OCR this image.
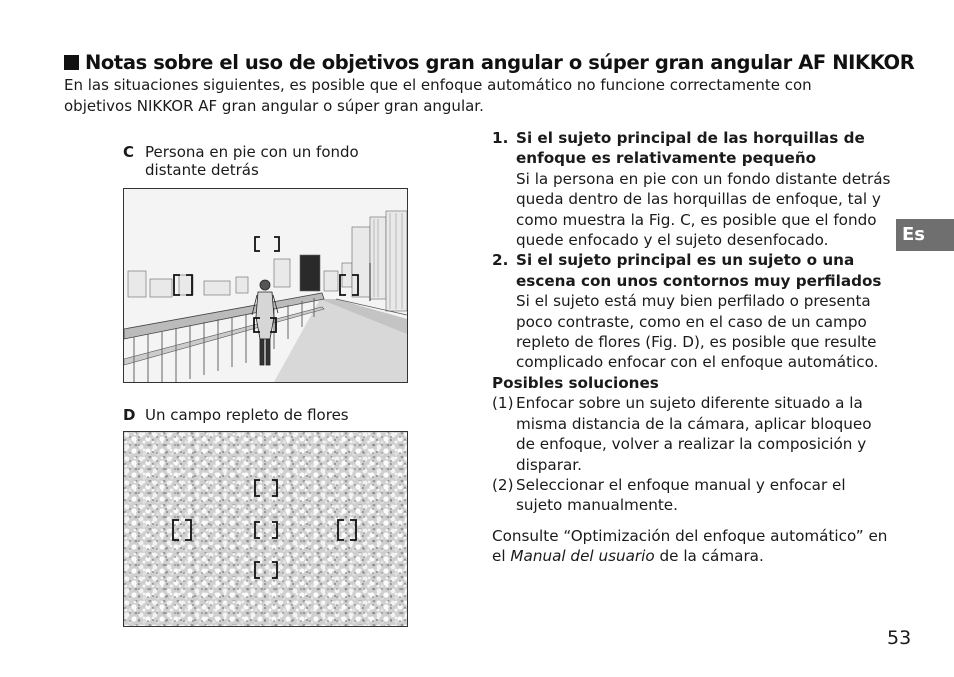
Notas sobre el uso de objetivos gran angular o súper gran angular AF NIKKOR
En las situaciones siguientes, es posible que el enfoque automático no funcione correctamente con objetivos NIKKOR AF gran angular o súper gran angular.
C Persona en pie con un fondo distante detrás
D Un campo repleto de flores
1. Si el sujeto principal de las horquillas de enfoque es relativamente pequeño
Si la persona en pie con un fondo distante detrás queda dentro de las horquillas de enfoque, tal y como muestra la Fig. C, es posible que el fondo quede enfocado y el sujeto desenfocado.
2. Si el sujeto principal es un sujeto o una escena con unos contornos muy perfilados
Si el sujeto está muy bien perfilado o presenta poco contraste, como en el caso de un campo repleto de flores (Fig. D), es posible que resulte complicado enfocar con el enfoque automático.
Posibles soluciones
(1) Enfocar sobre un sujeto diferente situado a la misma distancia de la cámara, aplicar bloqueo de enfoque, volver a realizar la composición y disparar.
(2) Seleccionar el enfoque manual y enfocar el sujeto manualmente.
Consulte “Optimización del enfoque automático” en el Manual del usuario de la cámara.
Es
53
